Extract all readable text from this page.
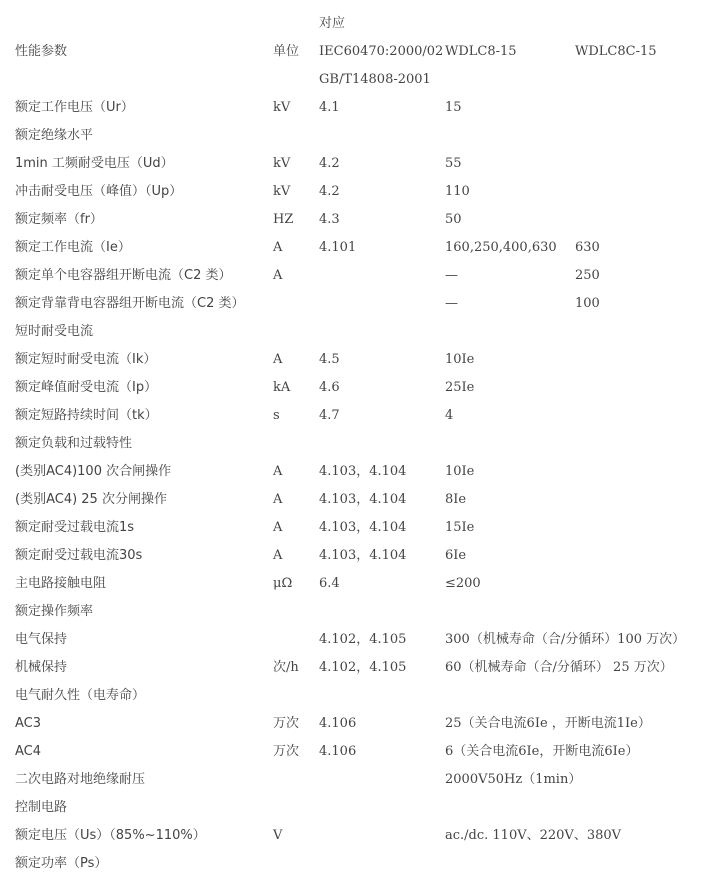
		对应		
性能参数	单位	IEC60470:2000/02	WDLC8-15	WDLC8C-15
		GB/T14808-2001		
额定工作电压（Ur）	kV	4.1	15	
额定绝缘水平				
1min 工频耐受电压（Ud）	kV	4.2	55	
冲击耐受电压（峰值）（Up）	kV	4.2	110	
额定频率（fr）	HZ	4.3	50	
额定工作电流（Ie）	A	4.101	160,250,400,630	630
额定单个电容器组开断电流（C2 类）	A		—	250
额定背靠背电容器组开断电流（C2 类）			—	100
短时耐受电流				
额定短时耐受电流（Ik）	A	4.5	10Ie	
额定峰值耐受电流（Ip）	kA	4.6	25Ie	
额定短路持续时间（tk）	s	4.7	4	
额定负载和过载特性				
(类别AC4)100 次合闸操作	A	4.103，4.104	10Ie	
(类别AC4) 25 次分闸操作	A	4.103，4.104	8Ie	
额定耐受过载电流1s	A	4.103，4.104	15Ie	
额定耐受过载电流30s	A	4.103，4.104	6Ie	
主电路接触电阻	μΩ	6.4	≤200	
额定操作频率				
电气保持		4.102，4.105	300（机械寿命（合/分循环）100 万次）	
机械保持	次/h	4.102，4.105	60（机械寿命（合/分循环） 25 万次）	
电气耐久性（电寿命）				
AC3	万次	4.106	25（关合电流6Ie ，开断电流1Ie）	
AC4	万次	4.106	6（关合电流6Ie，开断电流6Ie）	
二次电路对地绝缘耐压			2000V50Hz（1min）	
控制电路				
额定电压（Us）（85%~110%）	V		ac./dc. 110V、220V、380V	
额定功率（Ps）				
